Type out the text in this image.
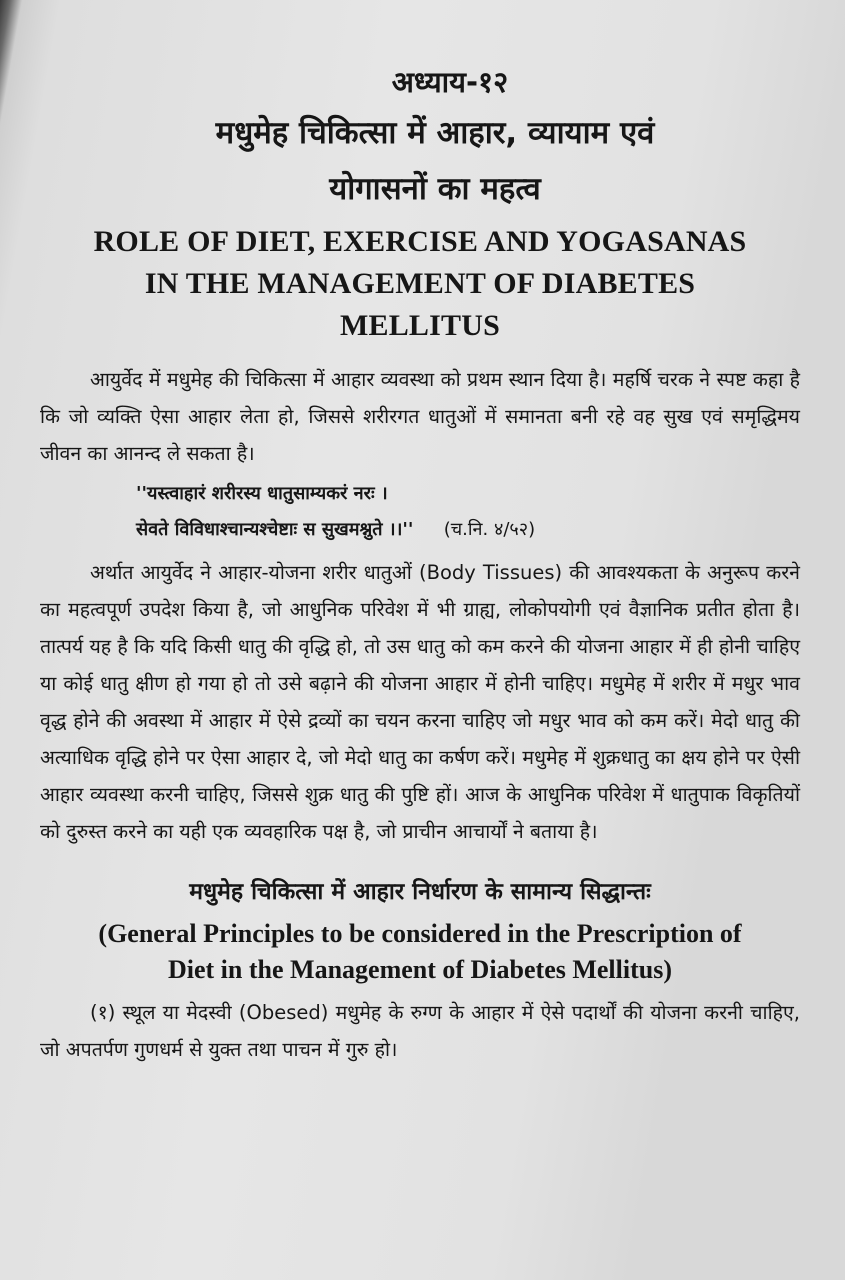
अध्याय-१२
मधुमेह चिकित्सा में आहार, व्यायाम एवं
योगासनों का महत्व
ROLE OF DIET, EXERCISE AND YOGASANAS
IN THE MANAGEMENT OF DIABETES
MELLITUS

आयुर्वेद में मधुमेह की चिकित्सा में आहार व्यवस्था को प्रथम स्थान दिया है। महर्षि चरक ने स्पष्ट कहा है कि जो व्यक्ति ऐसा आहार लेता हो, जिससे शरीरगत धातुओं में समानता बनी रहे वह सुख एवं समृद्धिमय जीवन का आनन्द ले सकता है।

''यस्त्वाहारं शरीरस्य धातुसाम्यकरं नरः ।
सेवते विविधाश्चान्यश्चेष्टाः स सुखमश्नुते ।।'' (च.नि. ४/५२)

अर्थात आयुर्वेद ने आहार-योजना शरीर धातुओं (Body Tissues) की आवश्यकता के अनुरूप करने का महत्वपूर्ण उपदेश किया है, जो आधुनिक परिवेश में भी ग्राह्य, लोकोपयोगी एवं वैज्ञानिक प्रतीत होता है। तात्पर्य यह है कि यदि किसी धातु की वृद्धि हो, तो उस धातु को कम करने की योजना आहार में ही होनी चाहिए या कोई धातु क्षीण हो गया हो तो उसे बढ़ाने की योजना आहार में होनी चाहिए। मधुमेह में शरीर में मधुर भाव वृद्ध होने की अवस्था में आहार में ऐसे द्रव्यों का चयन करना चाहिए जो मधुर भाव को कम करें। मेदो धातु की अत्याधिक वृद्धि होने पर ऐसा आहार दे, जो मेदो धातु का कर्षण करें। मधुमेह में शुक्रधातु का क्षय होने पर ऐसी आहार व्यवस्था करनी चाहिए, जिससे शुक्र धातु की पुष्टि हों। आज के आधुनिक परिवेश में धातुपाक विकृतियों को दुरुस्त करने का यही एक व्यवहारिक पक्ष है, जो प्राचीन आचार्यों ने बताया है।

मधुमेह चिकित्सा में आहार निर्धारण के सामान्य सिद्धान्तः
(General Principles to be considered in the Prescription of
Diet in the Management of Diabetes Mellitus)

(१) स्थूल या मेदस्वी (Obesed) मधुमेह के रुग्ण के आहार में ऐसे पदार्थों की योजना करनी चाहिए, जो अपतर्पण गुणधर्म से युक्त तथा पाचन में गुरु हो।
